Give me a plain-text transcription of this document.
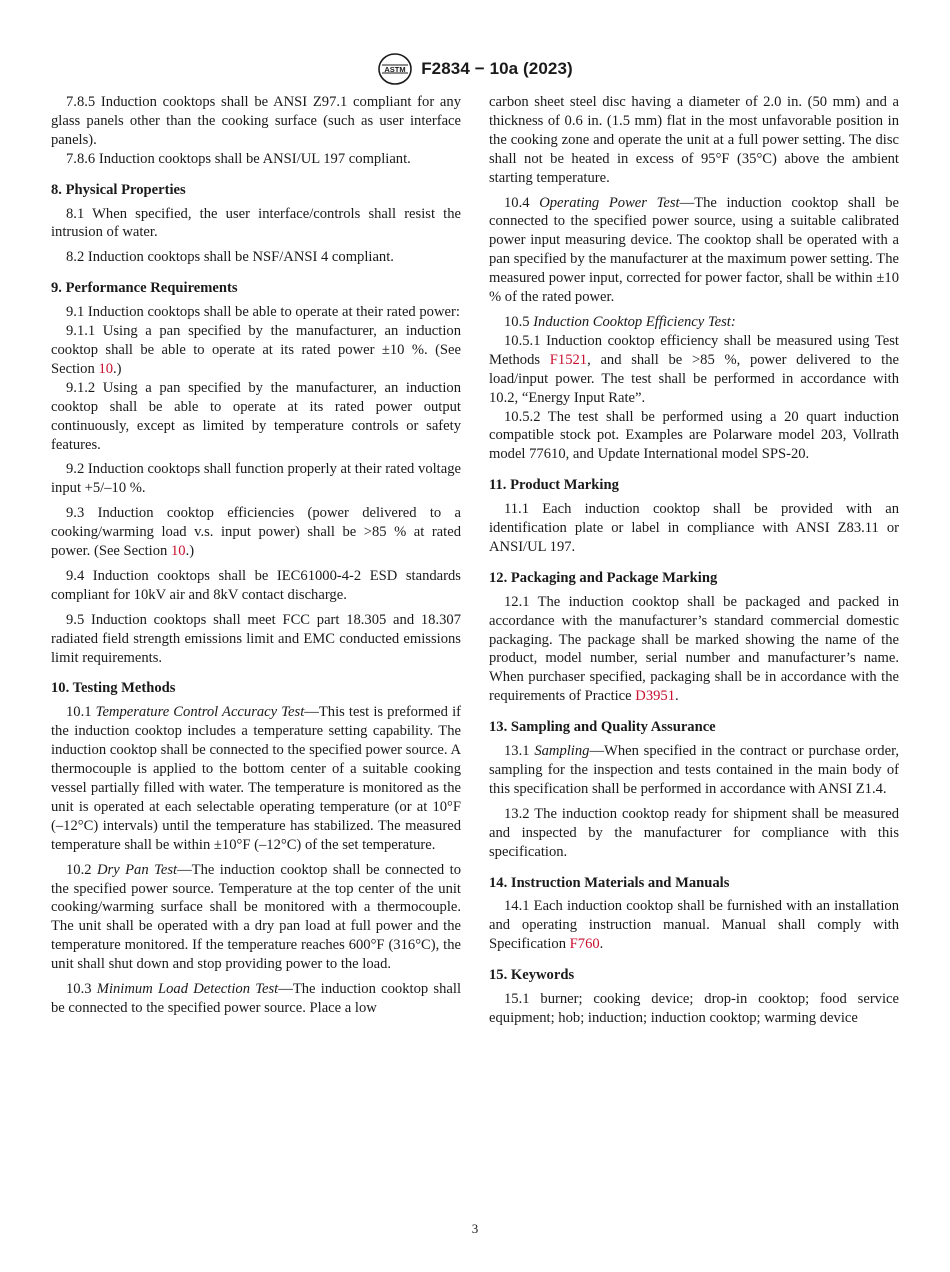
ASTM F2834 − 10a (2023)

7.8.5 Induction cooktops shall be ANSI Z97.1 compliant for any glass panels other than the cooking surface (such as user interface panels).

7.8.6 Induction cooktops shall be ANSI/UL 197 compliant.

8. Physical Properties

8.1 When specified, the user interface/controls shall resist the intrusion of water.

8.2 Induction cooktops shall be NSF/ANSI 4 compliant.

9. Performance Requirements

9.1 Induction cooktops shall be able to operate at their rated power:

9.1.1 Using a pan specified by the manufacturer, an induction cooktop shall be able to operate at its rated power ±10 %. (See Section 10.)

9.1.2 Using a pan specified by the manufacturer, an induction cooktop shall be able to operate at its rated power output continuously, except as limited by temperature controls or safety features.

9.2 Induction cooktops shall function properly at their rated voltage input +5/–10 %.

9.3 Induction cooktop efficiencies (power delivered to a cooking/warming load v.s. input power) shall be >85 % at rated power. (See Section 10.)

9.4 Induction cooktops shall be IEC61000-4-2 ESD standards compliant for 10kV air and 8kV contact discharge.

9.5 Induction cooktops shall meet FCC part 18.305 and 18.307 radiated field strength emissions limit and EMC conducted emissions limit requirements.

10. Testing Methods

10.1 Temperature Control Accuracy Test—This test is preformed if the induction cooktop includes a temperature setting capability. The induction cooktop shall be connected to the specified power source. A thermocouple is applied to the bottom center of a suitable cooking vessel partially filled with water. The temperature is monitored as the unit is operated at each selectable operating temperature (or at 10°F (–12°C) intervals) until the temperature has stabilized. The measured temperature shall be within ±10°F (–12°C) of the set temperature.

10.2 Dry Pan Test—The induction cooktop shall be connected to the specified power source. Temperature at the top center of the unit cooking/warming surface shall be monitored with a thermocouple. The unit shall be operated with a dry pan load at full power and the temperature monitored. If the temperature reaches 600°F (316°C), the unit shall shut down and stop providing power to the load.

10.3 Minimum Load Detection Test—The induction cooktop shall be connected to the specified power source. Place a low

carbon sheet steel disc having a diameter of 2.0 in. (50 mm) and a thickness of 0.6 in. (1.5 mm) flat in the most unfavorable position in the cooking zone and operate the unit at a full power setting. The disc shall not be heated in excess of 95°F (35°C) above the ambient starting temperature.

10.4 Operating Power Test—The induction cooktop shall be connected to the specified power source, using a suitable calibrated power input measuring device. The cooktop shall be operated with a pan specified by the manufacturer at the maximum power setting. The measured power input, corrected for power factor, shall be within ±10 % of the rated power.

10.5 Induction Cooktop Efficiency Test:

10.5.1 Induction cooktop efficiency shall be measured using Test Methods F1521, and shall be >85 %, power delivered to the load/input power. The test shall be performed in accordance with 10.2, “Energy Input Rate”.

10.5.2 The test shall be performed using a 20 quart induction compatible stock pot. Examples are Polarware model 203, Vollrath model 77610, and Update International model SPS-20.

11. Product Marking

11.1 Each induction cooktop shall be provided with an identification plate or label in compliance with ANSI Z83.11 or ANSI/UL 197.

12. Packaging and Package Marking

12.1 The induction cooktop shall be packaged and packed in accordance with the manufacturer’s standard commercial domestic packaging. The package shall be marked showing the name of the product, model number, serial number and manufacturer’s name. When purchaser specified, packaging shall be in accordance with the requirements of Practice D3951.

13. Sampling and Quality Assurance

13.1 Sampling—When specified in the contract or purchase order, sampling for the inspection and tests contained in the main body of this specification shall be performed in accordance with ANSI Z1.4.

13.2 The induction cooktop ready for shipment shall be measured and inspected by the manufacturer for compliance with this specification.

14. Instruction Materials and Manuals

14.1 Each induction cooktop shall be furnished with an installation and operating instruction manual. Manual shall comply with Specification F760.

15. Keywords

15.1 burner; cooking device; drop-in cooktop; food service equipment; hob; induction; induction cooktop; warming device

3
